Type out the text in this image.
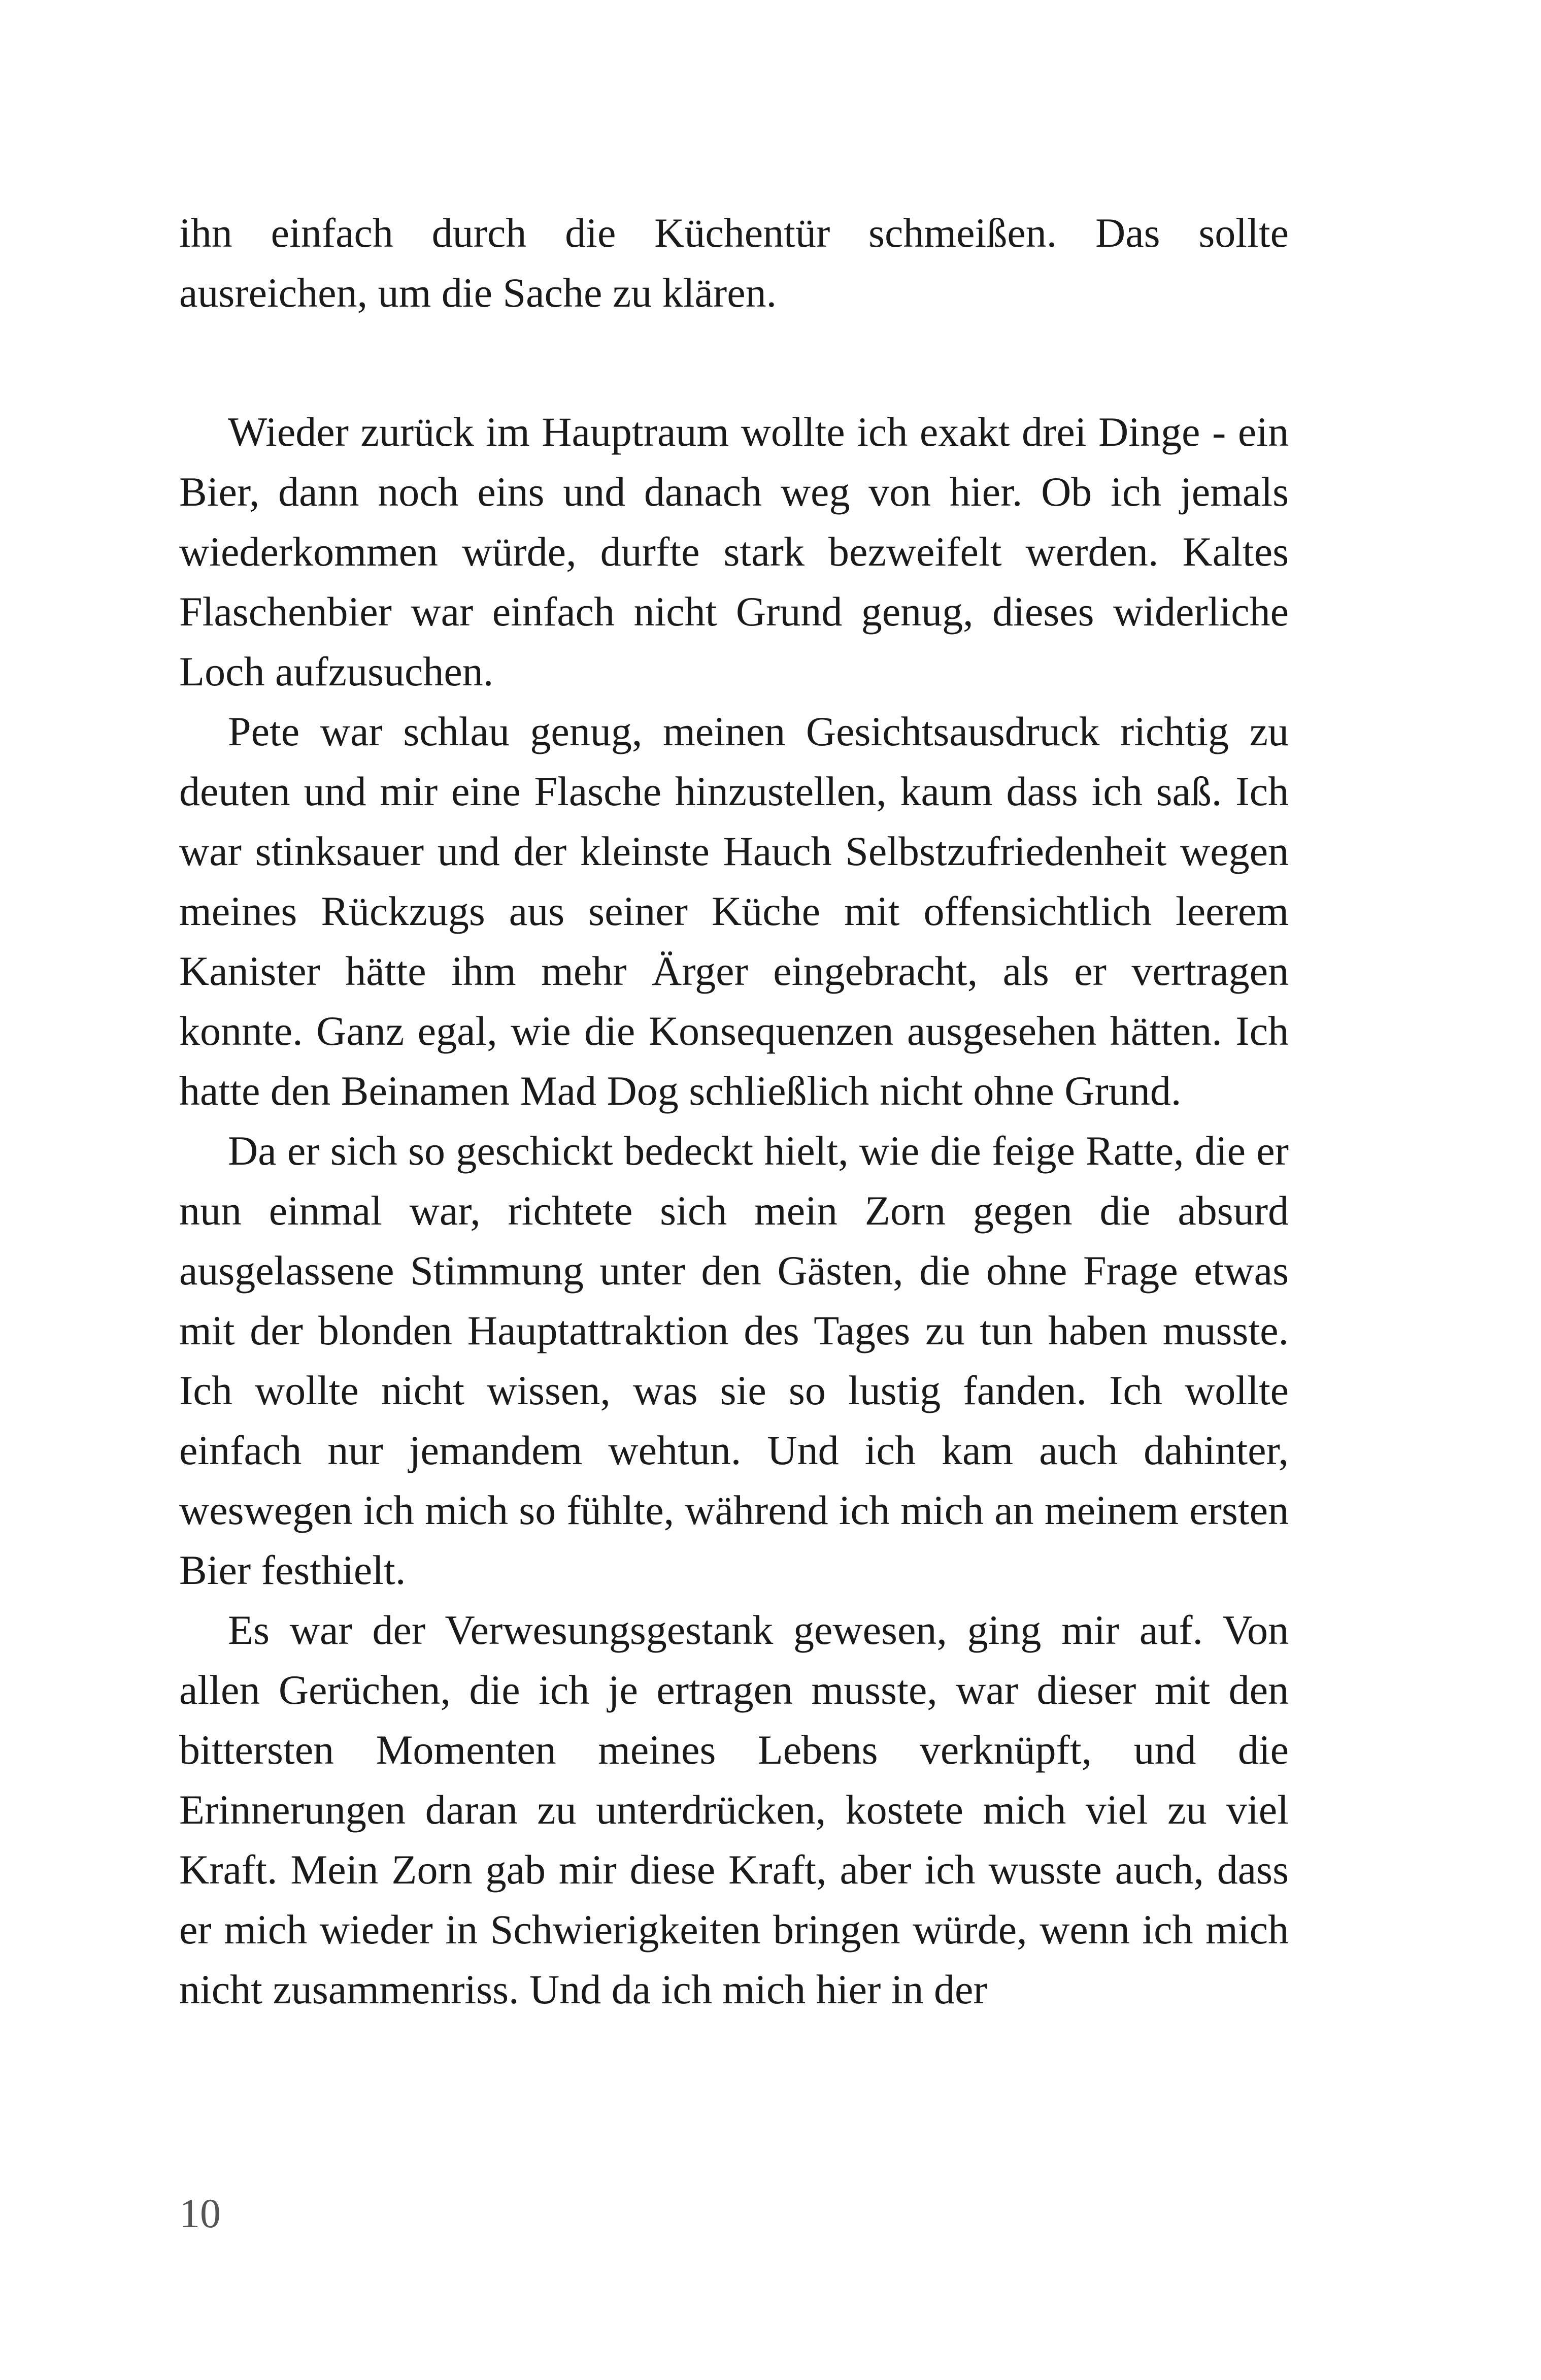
ihn einfach durch die Küchentür schmeißen. Das sollte ausreichen, um die Sache zu klären.

Wieder zurück im Hauptraum wollte ich exakt drei Dinge - ein Bier, dann noch eins und danach weg von hier. Ob ich jemals wiederkommen würde, durfte stark bezweifelt werden. Kaltes Flaschenbier war einfach nicht Grund genug, dieses widerliche Loch aufzusuchen.

Pete war schlau genug, meinen Gesichtsausdruck richtig zu deuten und mir eine Flasche hinzustellen, kaum dass ich saß. Ich war stinksauer und der kleinste Hauch Selbstzufriedenheit wegen meines Rückzugs aus seiner Küche mit offensichtlich leerem Kanister hätte ihm mehr Ärger eingebracht, als er vertragen konnte. Ganz egal, wie die Konsequenzen ausgesehen hätten. Ich hatte den Beinamen Mad Dog schließlich nicht ohne Grund.

Da er sich so geschickt bedeckt hielt, wie die feige Ratte, die er nun einmal war, richtete sich mein Zorn gegen die absurd ausgelassene Stimmung unter den Gästen, die ohne Frage etwas mit der blonden Hauptattraktion des Tages zu tun haben musste. Ich wollte nicht wissen, was sie so lustig fanden. Ich wollte einfach nur jemandem wehtun. Und ich kam auch dahinter, weswegen ich mich so fühlte, während ich mich an meinem ersten Bier festhielt.

Es war der Verwesungsgestank gewesen, ging mir auf. Von allen Gerüchen, die ich je ertragen musste, war dieser mit den bittersten Momenten meines Lebens verknüpft, und die Erinnerungen daran zu unterdrücken, kostete mich viel zu viel Kraft. Mein Zorn gab mir diese Kraft, aber ich wusste auch, dass er mich wieder in Schwierigkeiten bringen würde, wenn ich mich nicht zusammenriss. Und da ich mich hier in der

10
